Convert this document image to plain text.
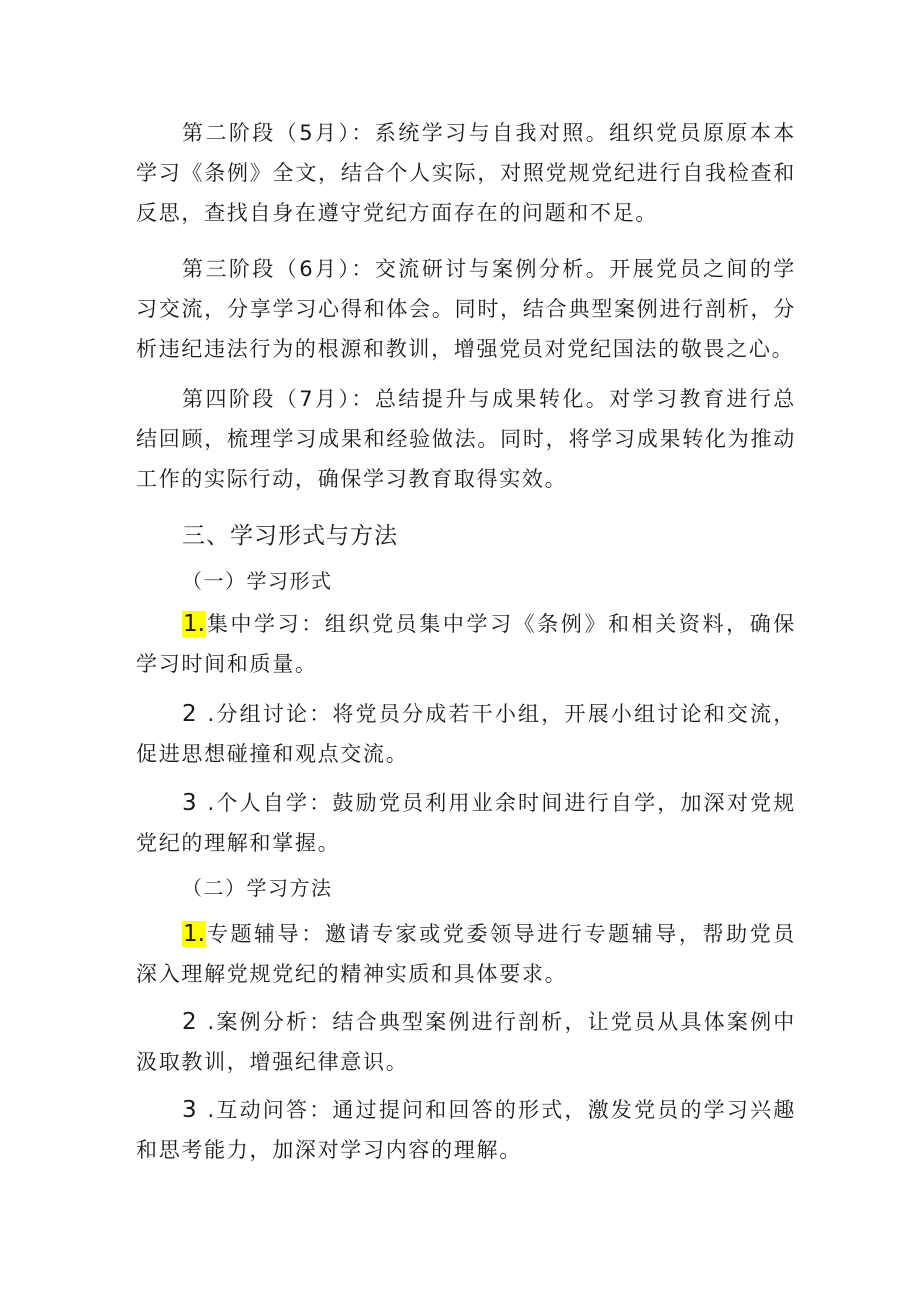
第二阶段（5月）：系统学习与自我对照。组织党员原原本本学习《条例》全文，结合个人实际，对照党规党纪进行自我检查和反思，查找自身在遵守党纪方面存在的问题和不足。

第三阶段（6月）：交流研讨与案例分析。开展党员之间的学习交流，分享学习心得和体会。同时，结合典型案例进行剖析，分析违纪违法行为的根源和教训，增强党员对党纪国法的敬畏之心。

第四阶段（7月）：总结提升与成果转化。对学习教育进行总结回顾，梳理学习成果和经验做法。同时，将学习成果转化为推动工作的实际行动，确保学习教育取得实效。

三、学习形式与方法
（一）学习形式

1.集中学习：组织党员集中学习《条例》和相关资料，确保学习时间和质量。

2 .分组讨论：将党员分成若干小组，开展小组讨论和交流，促进思想碰撞和观点交流。

3 .个人自学：鼓励党员利用业余时间进行自学，加深对党规党纪的理解和掌握。

（二）学习方法

1.专题辅导：邀请专家或党委领导进行专题辅导，帮助党员深入理解党规党纪的精神实质和具体要求。

2 .案例分析：结合典型案例进行剖析，让党员从具体案例中汲取教训，增强纪律意识。

3 .互动问答：通过提问和回答的形式，激发党员的学习兴趣和思考能力，加深对学习内容的理解。
